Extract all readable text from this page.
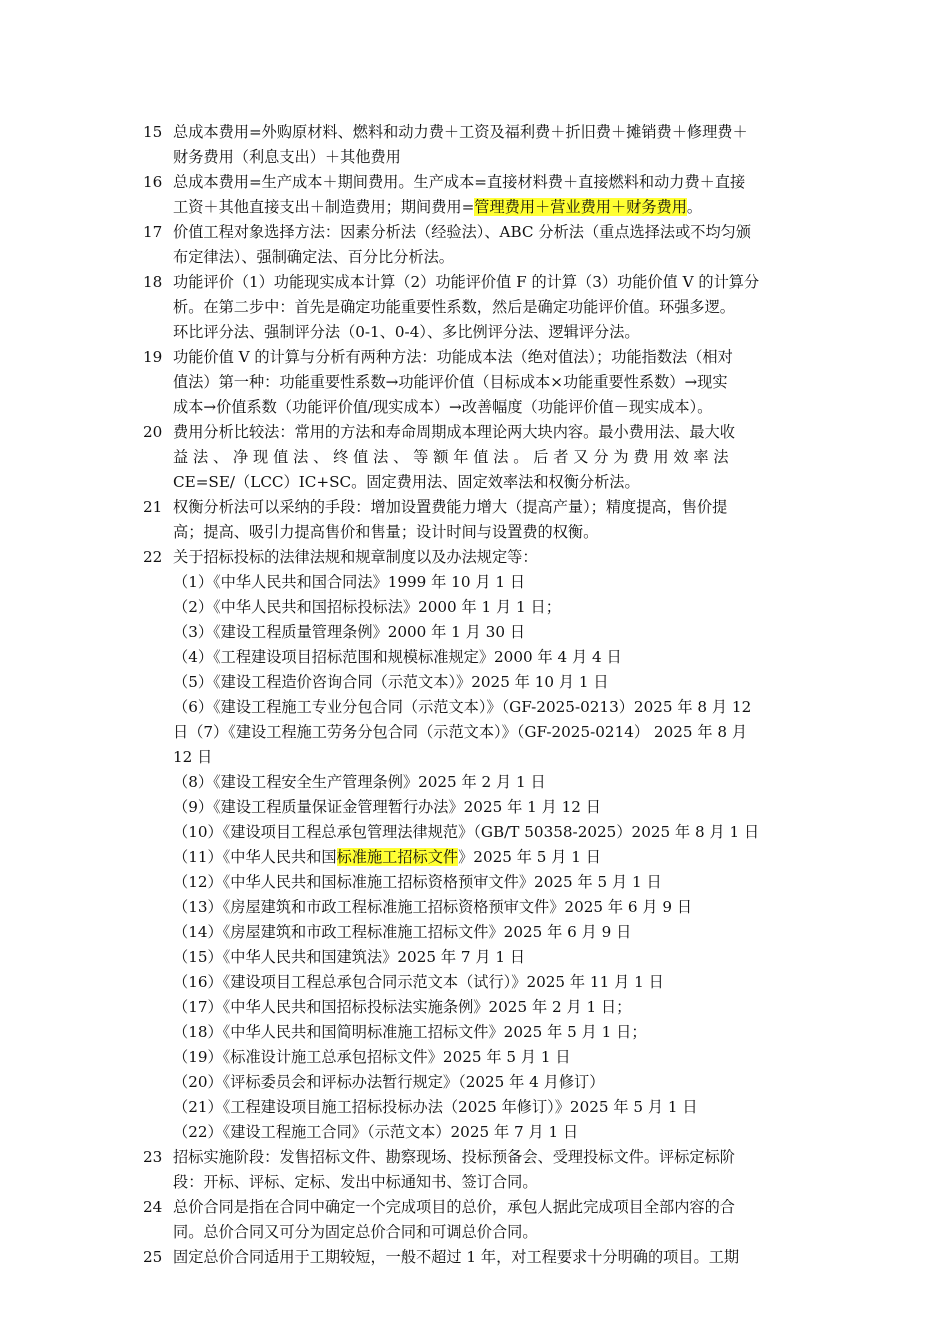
15 总成本费用=外购原材料、燃料和动力费＋工资及福利费＋折旧费＋摊销费＋修理费＋
财务费用（利息支出）＋其他费用
16 总成本费用=生产成本＋期间费用。生产成本=直接材料费＋直接燃料和动力费＋直接
工资＋其他直接支出＋制造费用；期间费用=管理费用＋营业费用＋财务费用。
17 价值工程对象选择方法：因素分析法（经验法）、ABC 分析法（重点选择法或不均匀颁
布定律法）、强制确定法、百分比分析法。
18 功能评价（1）功能现实成本计算（2）功能评价值 F 的计算（3）功能价值 V 的计算分
析。在第二步中：首先是确定功能重要性系数，然后是确定功能评价值。环强多逻。
环比评分法、强制评分法（0-1、0-4）、多比例评分法、逻辑评分法。
19 功能价值 V 的计算与分析有两种方法：功能成本法（绝对值法）；功能指数法（相对
值法）第一种：功能重要性系数→功能评价值（目标成本×功能重要性系数）→现实
成本→价值系数（功能评价值/现实成本）→改善幅度（功能评价值－现实成本）。
20 费用分析比较法：常用的方法和寿命周期成本理论两大块内容。最小费用法、最大收
益 法 、 净 现 值 法 、 终 值 法 、 等 额 年 值 法 。 后 者 又 分 为 费 用 效 率 法
CE=SE/（LCC）IC+SC。固定费用法、固定效率法和权衡分析法。
21 权衡分析法可以采纳的手段：增加设置费能力增大（提高产量）；精度提高，售价提
高；提高、吸引力提高售价和售量；设计时间与设置费的权衡。
22 关于招标投标的法律法规和规章制度以及办法规定等：
（1）《中华人民共和国合同法》1999 年 10 月 1 日
（2）《中华人民共和国招标投标法》2000 年 1 月 1 日；
（3）《建设工程质量管理条例》2000 年 1 月 30 日
（4）《工程建设项目招标范围和规模标准规定》2000 年 4 月 4 日
（5）《建设工程造价咨询合同（示范文本）》2025 年 10 月 1 日
（6）《建设工程施工专业分包合同（示范文本）》（GF-2025-0213）2025 年 8 月 12
日（7）《建设工程施工劳务分包合同（示范文本）》（GF-2025-0214） 2025 年 8 月
12 日
（8）《建设工程安全生产管理条例》2025 年 2 月 1 日
（9）《建设工程质量保证金管理暂行办法》2025 年 1 月 12 日
（10）《建设项目工程总承包管理法律规范》（GB/T 50358-2025）2025 年 8 月 1 日
（11）《中华人民共和国标准施工招标文件》2025 年 5 月 1 日
（12）《中华人民共和国标准施工招标资格预审文件》2025 年 5 月 1 日
（13）《房屋建筑和市政工程标准施工招标资格预审文件》2025 年 6 月 9 日
（14）《房屋建筑和市政工程标准施工招标文件》2025 年 6 月 9 日
（15）《中华人民共和国建筑法》2025 年 7 月 1 日
（16）《建设项目工程总承包合同示范文本（试行）》2025 年 11 月 1 日
（17）《中华人民共和国招标投标法实施条例》2025 年 2 月 1 日；
（18）《中华人民共和国简明标准施工招标文件》2025 年 5 月 1 日；
（19）《标准设计施工总承包招标文件》2025 年 5 月 1 日
（20）《评标委员会和评标办法暂行规定》（2025 年 4 月修订）
（21）《工程建设项目施工招标投标办法（2025 年修订）》2025 年 5 月 1 日
（22）《建设工程施工合同》（示范文本）2025 年 7 月 1 日
23 招标实施阶段：发售招标文件、勘察现场、投标预备会、受理投标文件。评标定标阶
段：开标、评标、定标、发出中标通知书、签订合同。
24 总价合同是指在合同中确定一个完成项目的总价，承包人据此完成项目全部内容的合
同。总价合同又可分为固定总价合同和可调总价合同。
25 固定总价合同适用于工期较短，一般不超过 1 年，对工程要求十分明确的项目。工期
